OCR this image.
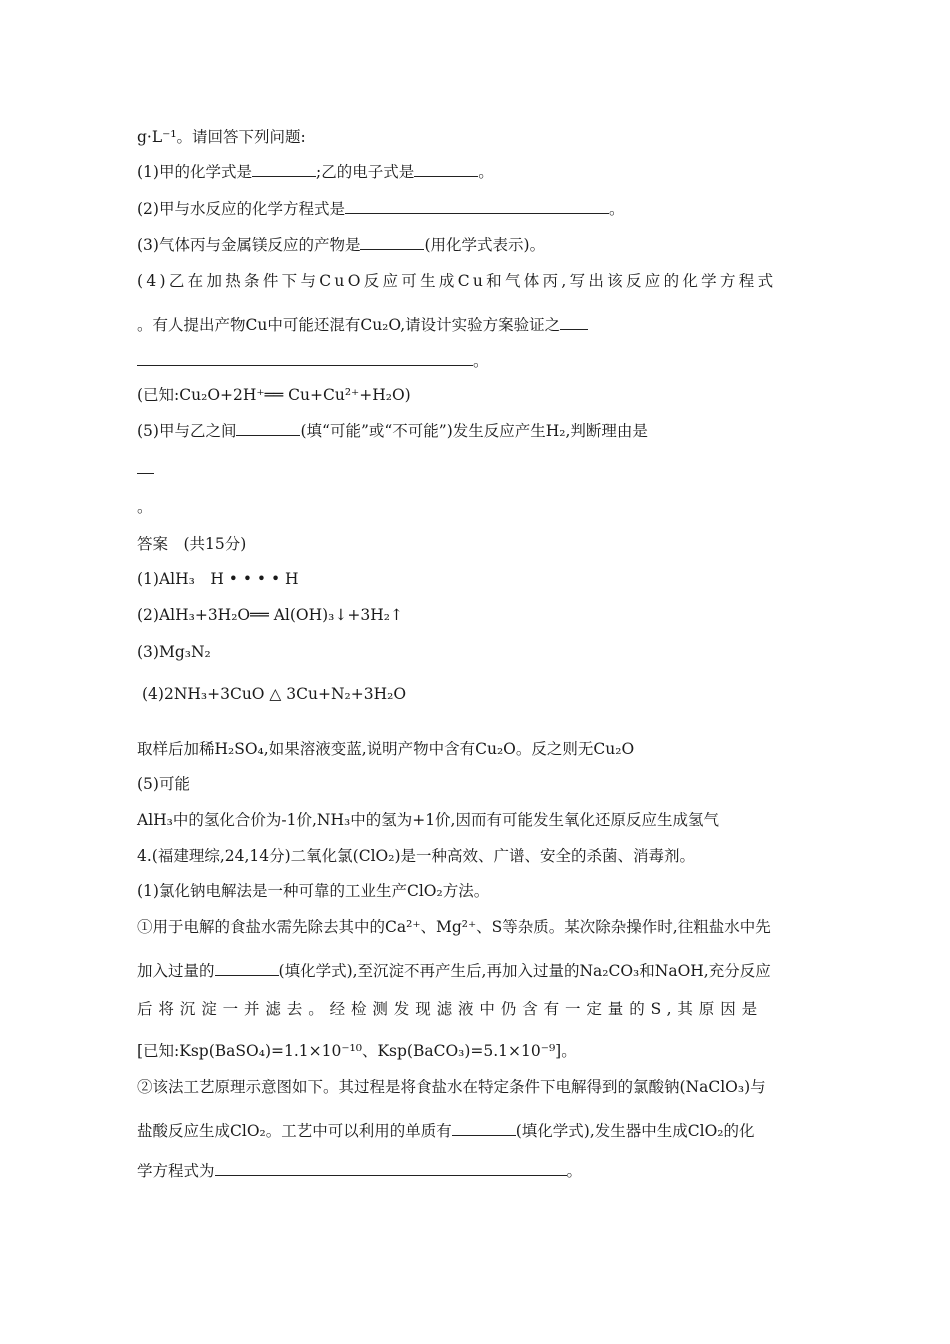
g·L⁻¹。请回答下列问题:
(1)甲的化学式是	;乙的电子式是	。
(2)甲与水反应的化学方程式是	。
(3)气体丙与金属镁反应的产物是	(用化学式表示)。
(4)乙在加热条件下与CuO反应可生成Cu和气体丙,写出该反应的化学方程式
。有人提出产物Cu中可能还混有Cu₂O,请设计实验方案验证之
。
(已知:Cu₂O+2H⁺══ Cu+Cu²⁺+H₂O)
(5)甲与乙之间	(填“可能”或“不可能”)发生反应产生H₂,判断理由是
。
答案　(共15分)
(1)AlH₃　H • • • • H
(2)AlH₃+3H₂O══ Al(OH)₃↓+3H₂↑
(3)Mg₃N₂
(4)2NH₃+3CuO △ 3Cu+N₂+3H₂O
取样后加稀H₂SO₄,如果溶液变蓝,说明产物中含有Cu₂O。反之则无Cu₂O
(5)可能
AlH₃中的氢化合价为-1价,NH₃中的氢为+1价,因而有可能发生氧化还原反应生成氢气
4.(福建理综,24,14分)二氧化氯(ClO₂)是一种高效、广谱、安全的杀菌、消毒剂。
(1)氯化钠电解法是一种可靠的工业生产ClO₂方法。
①用于电解的食盐水需先除去其中的Ca²⁺、Mg²⁺、S等杂质。某次除杂操作时,往粗盐水中先
加入过量的	(填化学式),至沉淀不再产生后,再加入过量的Na₂CO₃和NaOH,充分反应
后将沉淀一并滤去。经检测发现滤液中仍含有一定量的S,其原因是
[已知:Ksp(BaSO₄)=1.1×10⁻¹⁰、Ksp(BaCO₃)=5.1×10⁻⁹]。
②该法工艺原理示意图如下。其过程是将食盐水在特定条件下电解得到的氯酸钠(NaClO₃)与
盐酸反应生成ClO₂。工艺中可以利用的单质有	(填化学式),发生器中生成ClO₂的化
学方程式为	。
